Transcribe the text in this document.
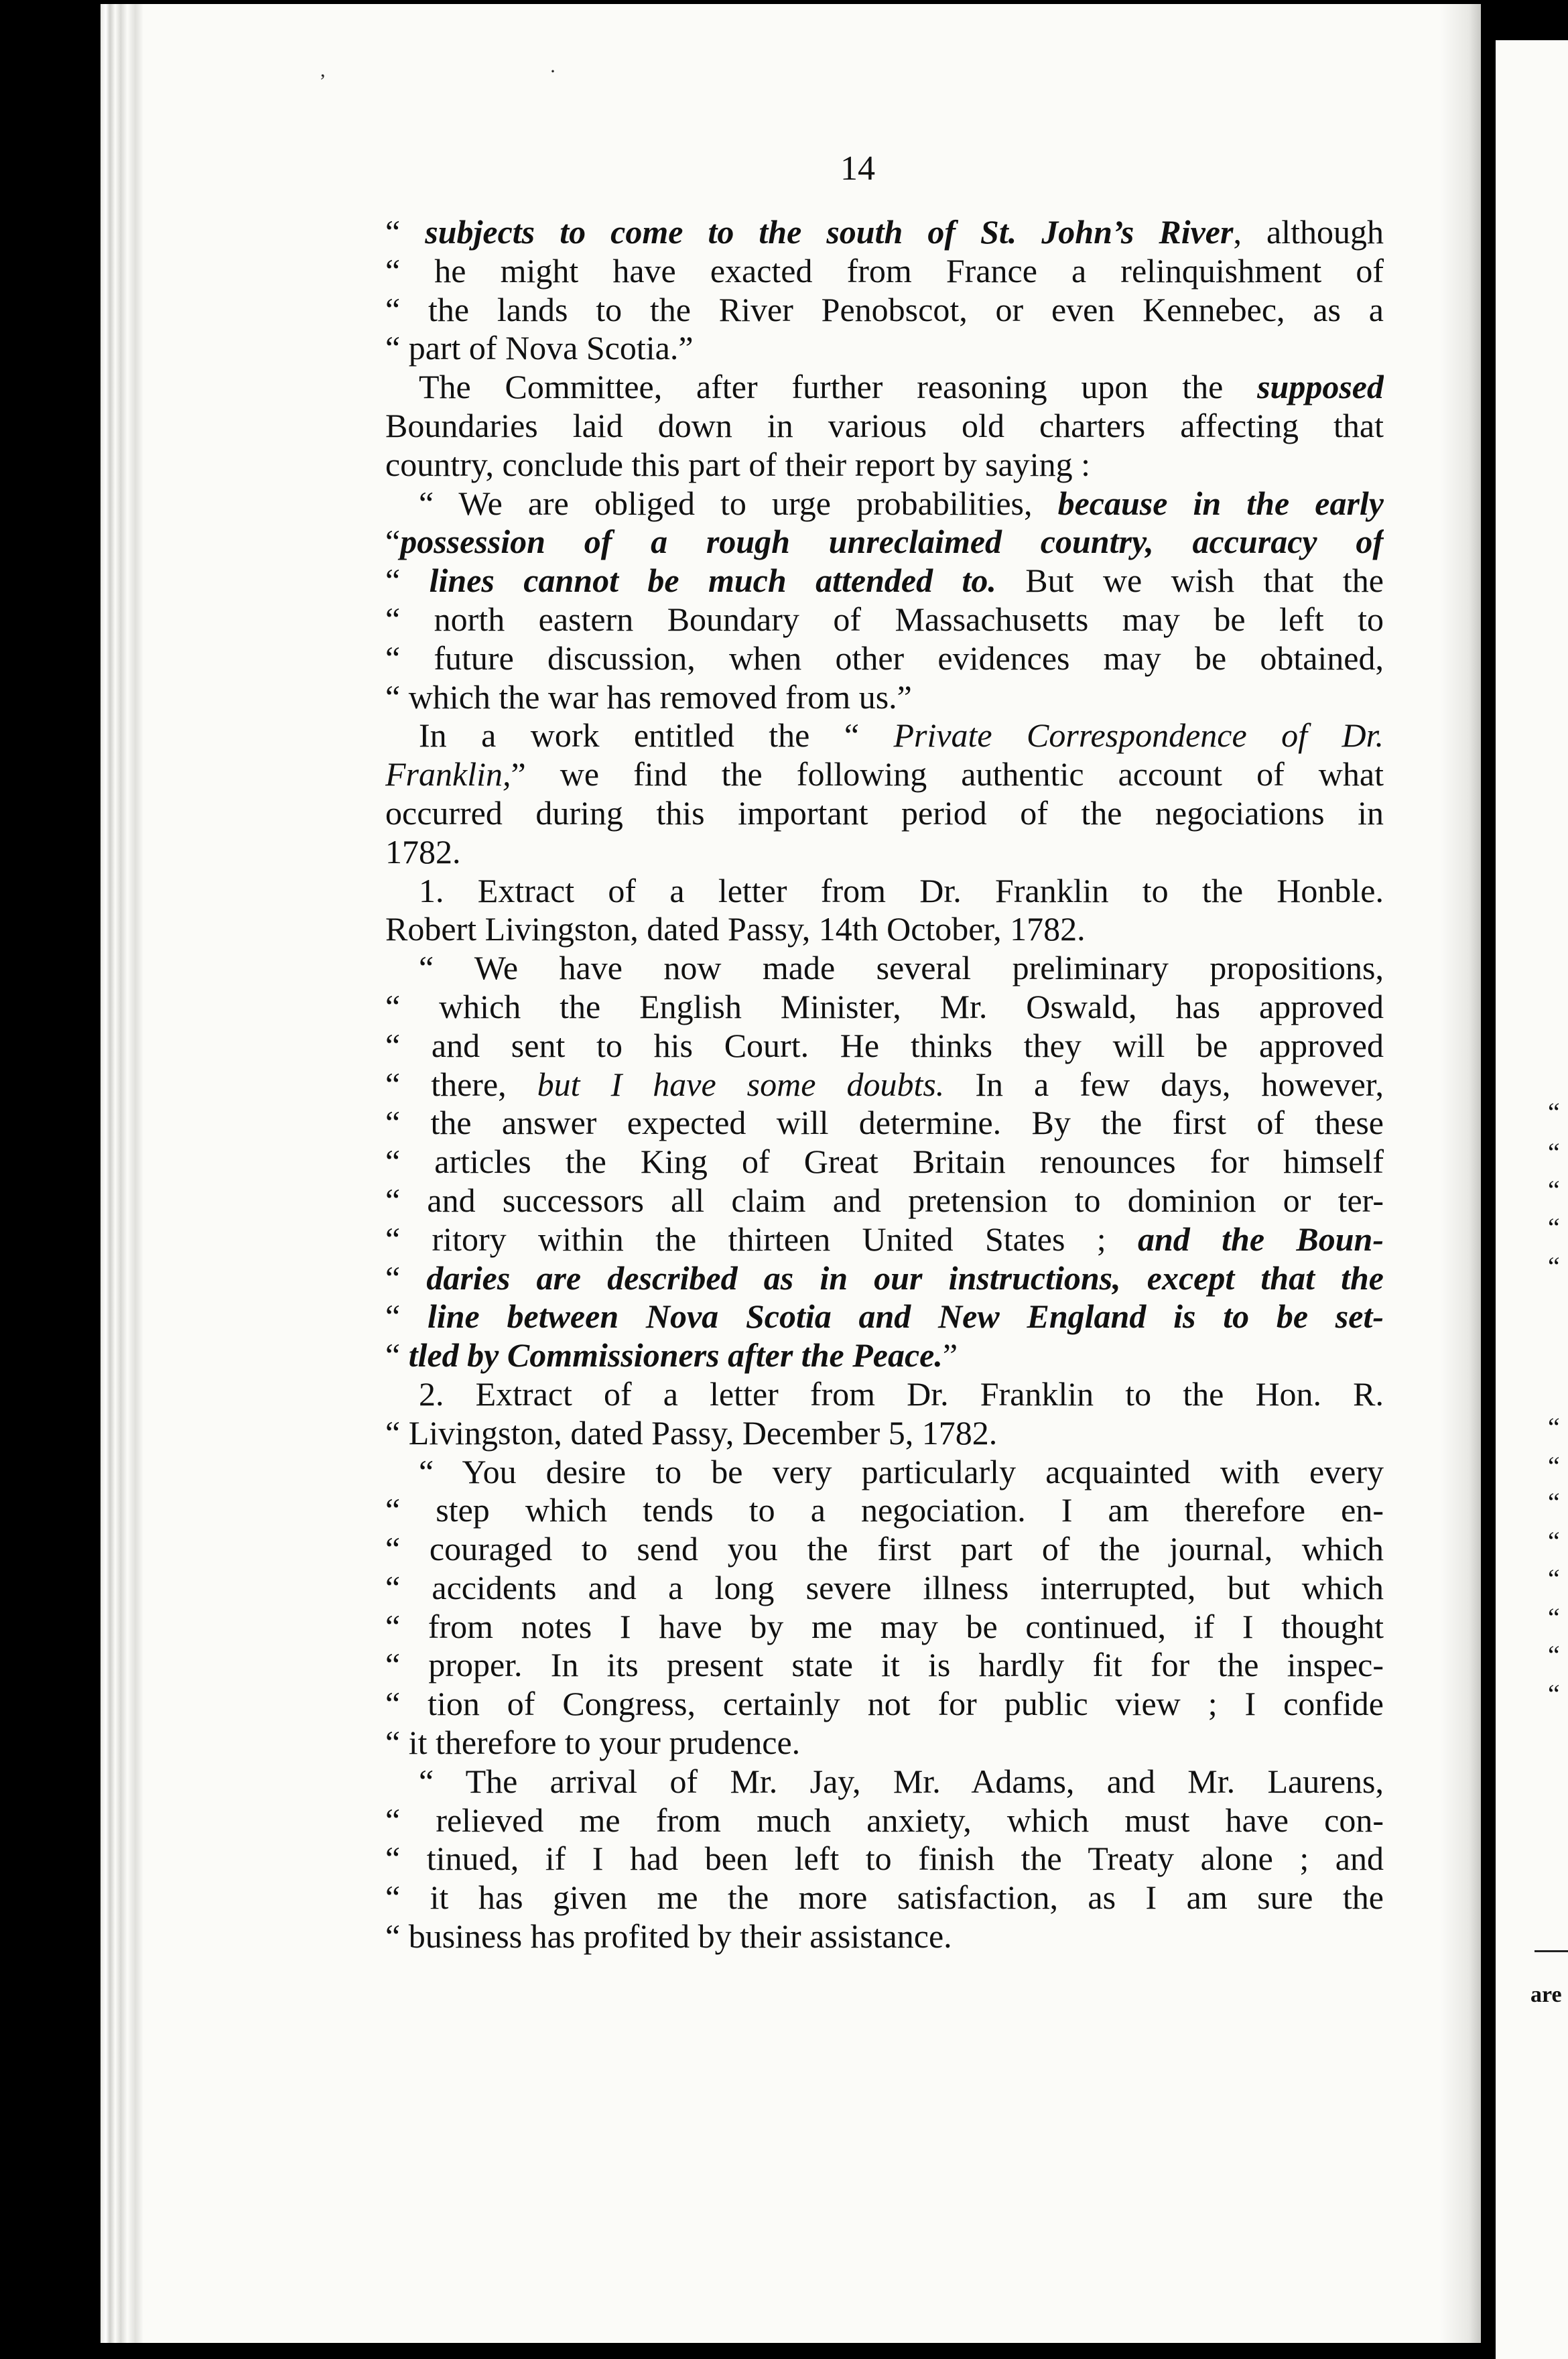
,	·
“
“
“
“
“
“
“
“
“
“
“
“
“
are
14
“ subjects to come to the south of St. John’s River, although
“ he might have exacted from France a relinquishment of
“ the lands to the River Penobscot, or even Kennebec, as a
“ part of Nova Scotia.”
The Committee, after further reasoning upon the supposed
Boundaries laid down in various old charters affecting that
country, conclude this part of their report by saying :
“ We are obliged to urge probabilities, because in the early
“possession of a rough unreclaimed country, accuracy of
“ lines cannot be much attended to. But we wish that the
“ north eastern Boundary of Massachusetts may be left to
“ future discussion, when other evidences may be obtained,
“ which the war has removed from us.”
In a work entitled the “ Private Correspondence of Dr.
Franklin,” we find the following authentic account of what
occurred during this important period of the negociations in
1782.
1. Extract of a letter from Dr. Franklin to the Honble.
Robert Livingston, dated Passy, 14th October, 1782.
“ We have now made several preliminary propositions,
“ which the English Minister, Mr. Oswald, has approved
“ and sent to his Court. He thinks they will be approved
“ there, but I have some doubts. In a few days, however,
“ the answer expected will determine. By the first of these
“ articles the King of Great Britain renounces for himself
“ and successors all claim and pretension to dominion or ter-
“ ritory within the thirteen United States ; and the Boun-
“ daries are described as in our instructions, except that the
“ line between Nova Scotia and New England is to be set-
“ tled by Commissioners after the Peace.”
2. Extract of a letter from Dr. Franklin to the Hon. R.
“ Livingston, dated Passy, December 5, 1782.
“ You desire to be very particularly acquainted with every
“ step which tends to a negociation. I am therefore en-
“ couraged to send you the first part of the journal, which
“ accidents and a long severe illness interrupted, but which
“ from notes I have by me may be continued, if I thought
“ proper. In its present state it is hardly fit for the inspec-
“ tion of Congress, certainly not for public view ; I confide
“ it therefore to your prudence.
“ The arrival of Mr. Jay, Mr. Adams, and Mr. Laurens,
“ relieved me from much anxiety, which must have con-
“ tinued, if I had been left to finish the Treaty alone ; and
“ it has given me the more satisfaction, as I am sure the
“ business has profited by their assistance.
